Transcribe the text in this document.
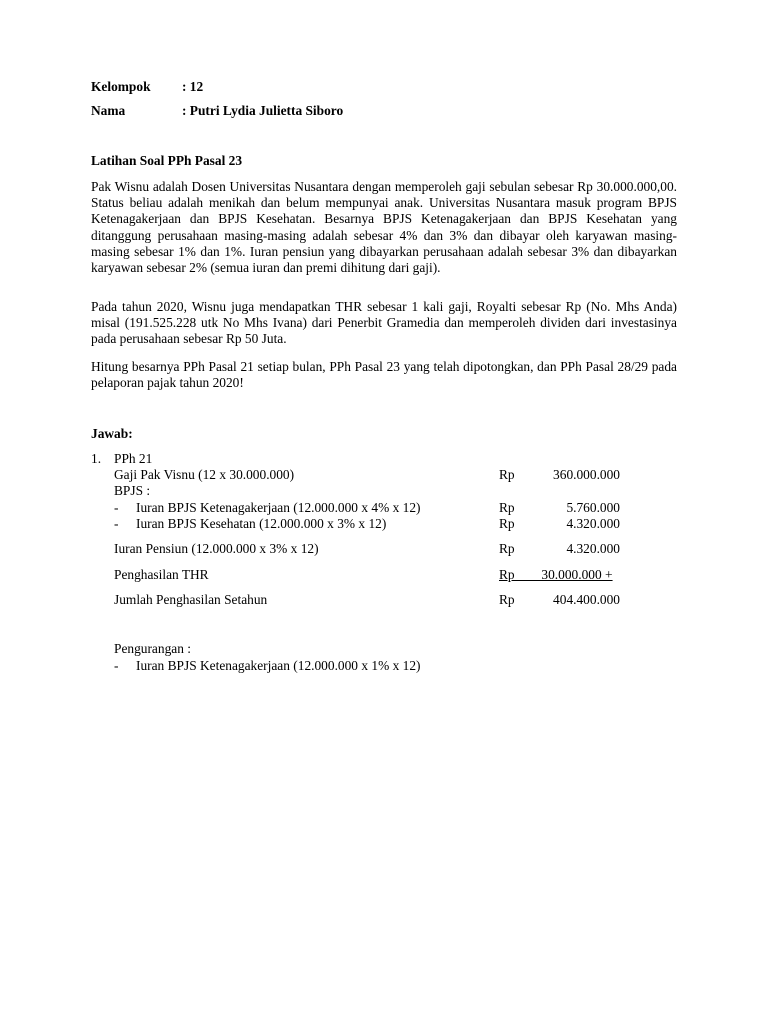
Kelompok : 12
Nama	: Putri Lydia Julietta Siboro
Latihan Soal PPh Pasal 23

Pak Wisnu adalah Dosen Universitas Nusantara dengan memperoleh gaji sebulan sebesar Rp 30.000.000,00. Status beliau adalah menikah dan belum mempunyai anak. Universitas Nusantara masuk program BPJS Ketenagakerjaan dan BPJS Kesehatan. Besarnya BPJS Ketenagakerjaan dan BPJS Kesehatan yang ditanggung perusahaan masing-masing adalah sebesar 4% dan 3% dan dibayar oleh karyawan masing-masing sebesar 1% dan 1%. Iuran pensiun yang dibayarkan perusahaan adalah sebesar 3% dan dibayarkan karyawan sebesar 2% (semua iuran dan premi dihitung dari gaji).

Pada tahun 2020, Wisnu juga mendapatkan THR sebesar 1 kali gaji, Royalti sebesar Rp (No. Mhs Anda) misal (191.525.228 utk No Mhs Ivana) dari Penerbit Gramedia dan memperoleh dividen dari investasinya pada perusahaan sebesar Rp 50 Juta.

Hitung besarnya PPh Pasal 21 setiap bulan, PPh Pasal 23 yang telah dipotongkan, dan PPh Pasal 28/29 pada pelaporan pajak tahun 2020!

Jawab:
1. PPh 21
Gaji Pak Visnu (12 x 30.000.000)	Rp	360.000.000
BPJS :
- Iuran BPJS Ketenagakerjaan (12.000.000 x 4% x 12)	Rp	5.760.000
- Iuran BPJS Kesehatan (12.000.000 x 3% x 12)	Rp	4.320.000
Iuran Pensiun (12.000.000 x 3% x 12)	Rp	4.320.000
Penghasilan THR	Rp        30.000.000 +
Jumlah Penghasilan Setahun	Rp	404.400.000
Pengurangan :
- Iuran BPJS Ketenagakerjaan (12.000.000 x 1% x 12)
